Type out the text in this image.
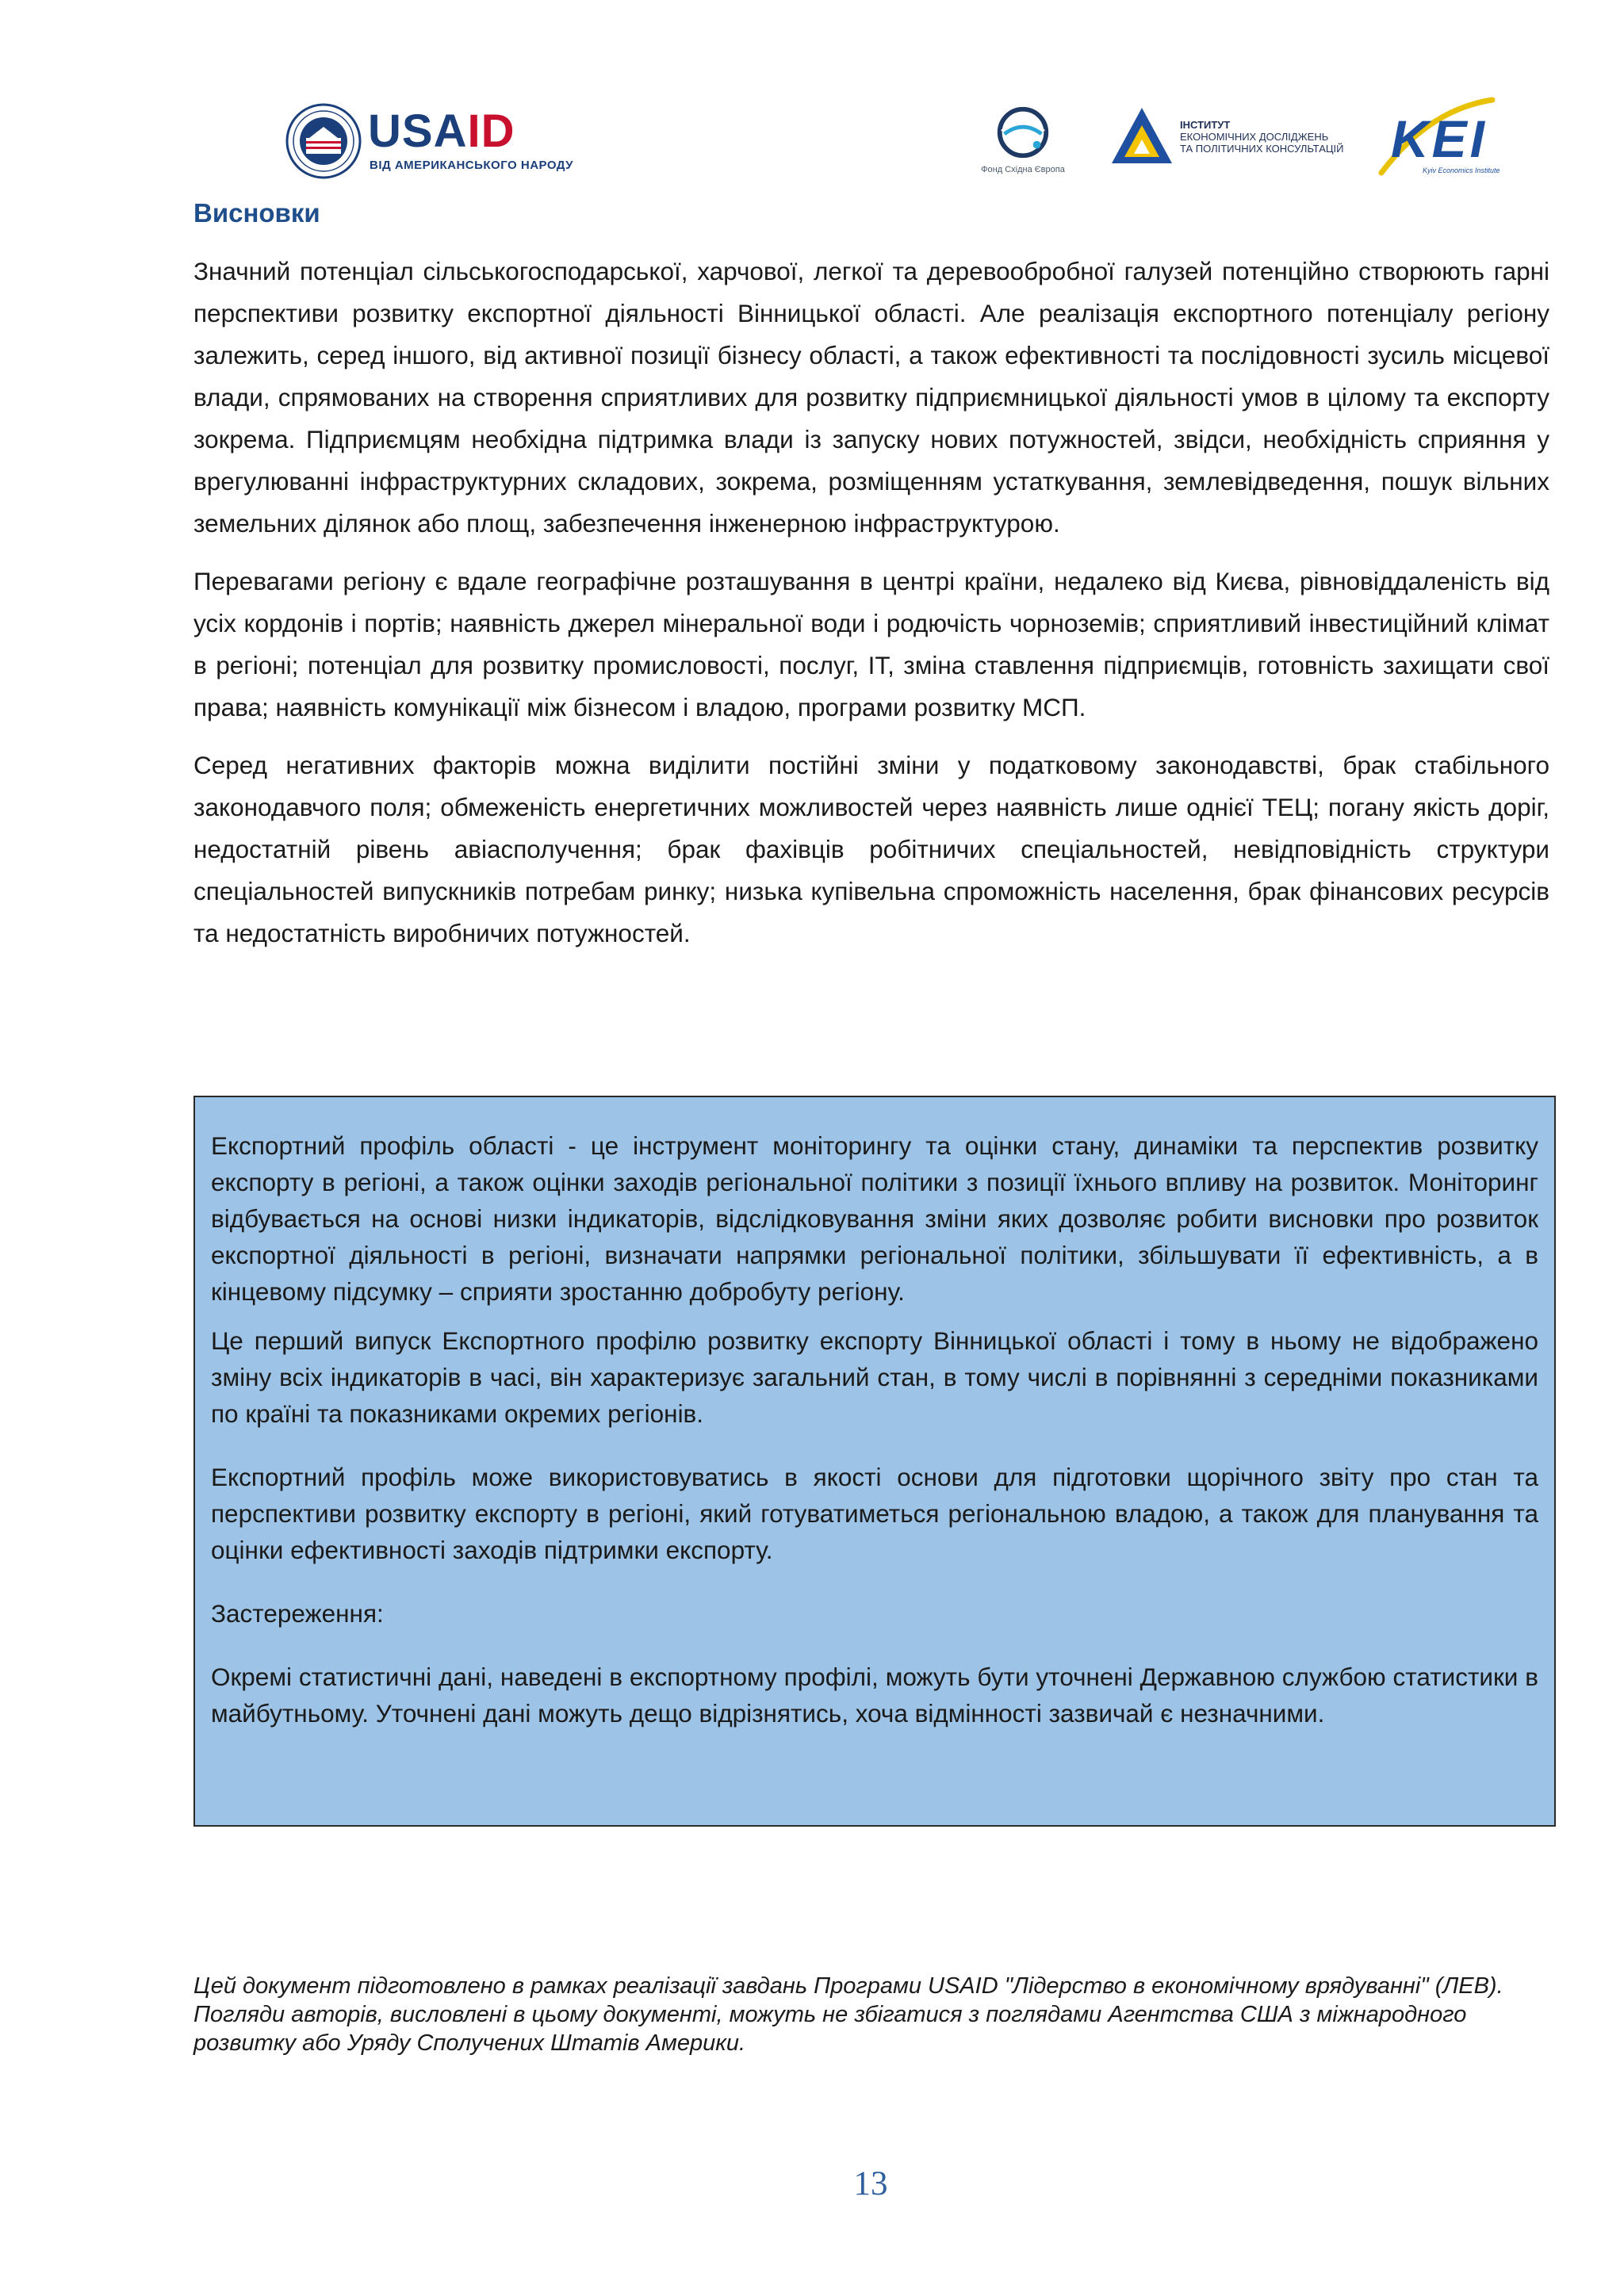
USAID
ВІД АМЕРИКАНСЬКОГО НАРОДУ	Фонд Східна Європа
ІНСТИТУТ
ЕКОНОМІЧНИХ ДОСЛІДЖЕНЬ
ТА ПОЛІТИЧНИХ КОНСУЛЬТАЦІЙ KEI
Kyiv Economics Institute
Висновки

Значний потенціал сільськогосподарської, харчової, легкої та деревообробної галузей потенційно створюють гарні перспективи розвитку експортної діяльності Вінницької області. Але реалізація експортного потенціалу регіону залежить, серед іншого, від активної позиції бізнесу області, а також ефективності та послідовності зусиль місцевої влади, спрямованих на створення сприятливих для розвитку підприємницької діяльності умов в цілому та експорту зокрема. Підприємцям необхідна підтримка влади із запуску нових потужностей, звідси, необхідність сприяння у врегулюванні інфраструктурних складових, зокрема, розміщенням устаткування, землевідведення, пошук вільних земельних ділянок або площ, забезпечення інженерною інфраструктурою.

Перевагами регіону є вдале географічне розташування в центрі країни, недалеко від Києва, рівновіддаленість від усіх кордонів і портів; наявність джерел мінеральної води і родючість чорноземів; сприятливий інвестиційний клімат в регіоні; потенціал для розвитку промисловості, послуг, ІТ, зміна ставлення підприємців, готовність захищати свої права; наявність комунікації між бізнесом і владою, програми розвитку МСП.

Серед негативних факторів можна виділити постійні зміни у податковому законодавстві, брак стабільного законодавчого поля; обмеженість енергетичних можливостей через наявність лише однієї ТЕЦ; погану якість доріг, недостатній рівень авіасполучення; брак фахівців робітничих спеціальностей, невідповідність структури спеціальностей випускників потребам ринку; низька купівельна спроможність населення, брак фінансових ресурсів та недостатність виробничих потужностей.

Експортний профіль області - це інструмент моніторингу та оцінки стану, динаміки та перспектив розвитку експорту в регіоні, а також оцінки заходів регіональної політики з позиції їхнього впливу на розвиток. Моніторинг відбувається на основі низки індикаторів, відслідковування зміни яких дозволяє робити висновки про розвиток експортної діяльності в регіоні, визначати напрямки регіональної політики, збільшувати її ефективність, а в кінцевому підсумку – сприяти зростанню добробуту регіону.

Це перший випуск Експортного профілю розвитку експорту Вінницької області і тому в ньому не відображено зміну всіх індикаторів в часі, він характеризує загальний стан, в тому числі в порівнянні з середніми показниками по країні та показниками окремих регіонів.

Експортний профіль може використовуватись в якості основи для підготовки щорічного звіту про стан та перспективи розвитку експорту в регіоні, який готуватиметься регіональною владою, а також для планування та оцінки ефективності заходів підтримки експорту.

Застереження:

Окремі статистичні дані, наведені в експортному профілі, можуть бути уточнені Державною службою статистики в майбутньому. Уточнені дані можуть дещо відрізнятись, хоча відмінності зазвичай є незначними.

Цей документ підготовлено в рамках реалізації завдань Програми USAID "Лідерство в економічному врядуванні" (ЛЕВ).

Погляди авторів, висловлені в цьому документі, можуть не збігатися з поглядами Агентства США з міжнародного розвитку або Уряду Сполучених Штатів Америки.

13
